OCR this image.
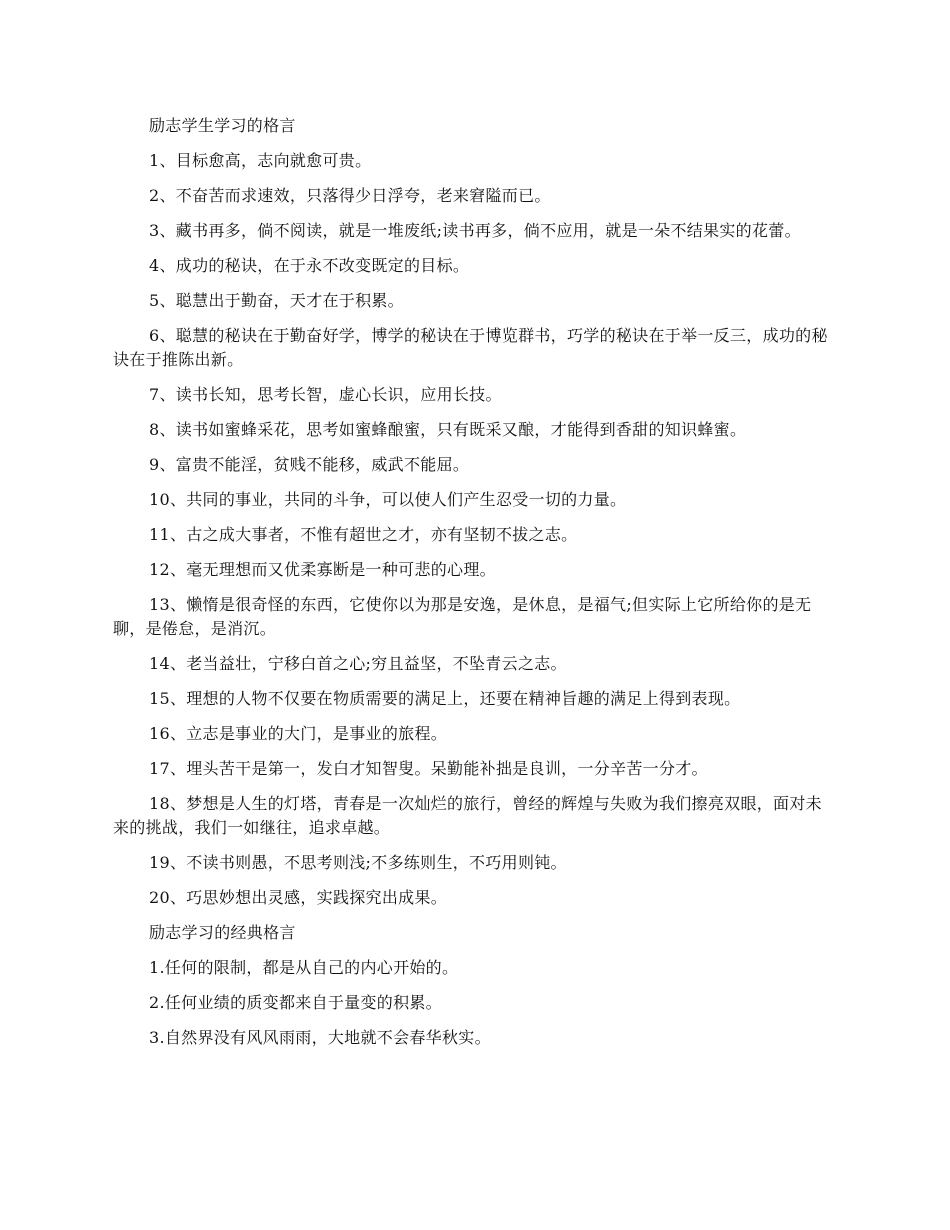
励志学生学习的格言

1、目标愈高，志向就愈可贵。

2、不奋苦而求速效，只落得少日浮夸，老来窘隘而已。

3、藏书再多，倘不阅读，就是一堆废纸;读书再多，倘不应用，就是一朵不结果实的花蕾。

4、成功的秘诀，在于永不改变既定的目标。

5、聪慧出于勤奋，天才在于积累。

6、聪慧的秘诀在于勤奋好学，博学的秘诀在于博览群书，巧学的秘诀在于举一反三，成功的秘诀在于推陈出新。

7、读书长知，思考长智，虚心长识，应用长技。

8、读书如蜜蜂采花，思考如蜜蜂酿蜜，只有既采又酿，才能得到香甜的知识蜂蜜。

9、富贵不能淫，贫贱不能移，威武不能屈。

10、共同的事业，共同的斗争，可以使人们产生忍受一切的力量。

11、古之成大事者，不惟有超世之才，亦有坚韧不拔之志。

12、毫无理想而又优柔寡断是一种可悲的心理。

13、懒惰是很奇怪的东西，它使你以为那是安逸，是休息，是福气;但实际上它所给你的是无聊，是倦怠，是消沉。

14、老当益壮，宁移白首之心;穷且益坚，不坠青云之志。

15、理想的人物不仅要在物质需要的满足上，还要在精神旨趣的满足上得到表现。

16、立志是事业的大门，是事业的旅程。

17、埋头苦干是第一，发白才知智叟。呆勤能补拙是良训，一分辛苦一分才。

18、梦想是人生的灯塔，青春是一次灿烂的旅行，曾经的辉煌与失败为我们擦亮双眼，面对未来的挑战，我们一如继往，追求卓越。

19、不读书则愚，不思考则浅;不多练则生，不巧用则钝。

20、巧思妙想出灵感，实践探究出成果。

励志学习的经典格言

1.任何的限制，都是从自己的内心开始的。

2.任何业绩的质变都来自于量变的积累。

3.自然界没有风风雨雨，大地就不会春华秋实。
